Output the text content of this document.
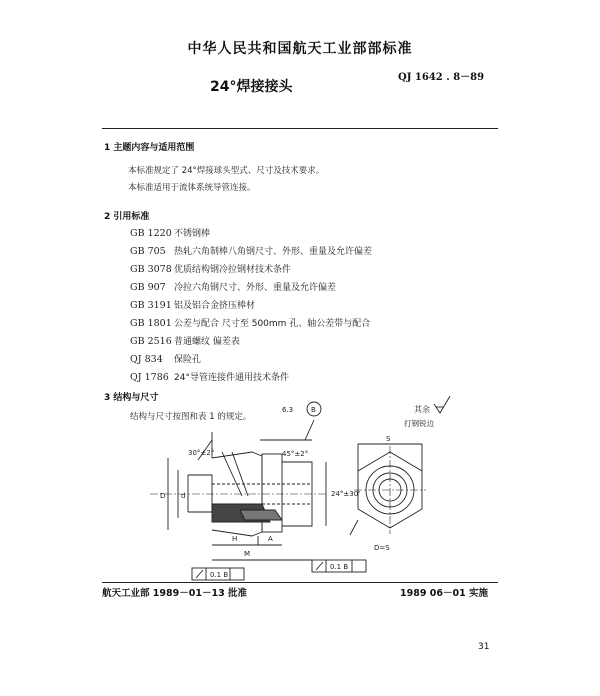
中华人民共和国航天工业部部标准
QJ 1642 . 8－89
24°焊接接头
1 主题内容与适用范围
本标准规定了 24°焊接球头型式、尺寸及技术要求。
本标准适用于流体系统导管连接。
2 引用标准
GB 1220 不锈钢棒
GB 705 热轧六角制棒八角钢尺寸、外形、重量及允许偏差
GB 3078 优质结构钢冷拉钢材技术条件
GB 907 冷拉六角钢尺寸、外形、重量及允许偏差
GB 3191 铝及铝合金挤压棒材
GB 1801 公差与配合 尺寸至 500mm 孔、轴公差带与配合
GB 2516 普通螺纹 偏差表
QJ 834 保险孔
QJ 1786 24°导管连接件通用技术条件
3 结构与尺寸
结构与尺寸按图和表 1 的规定。
其余
打钢锐边
6.3	B
30°±2°	45°±2°
24°±30'
D d
H	A
M
S
D=S
0.1 B
0.1 B
航天工业部 1989－01－13 批准	1989 06－01 实施
31
